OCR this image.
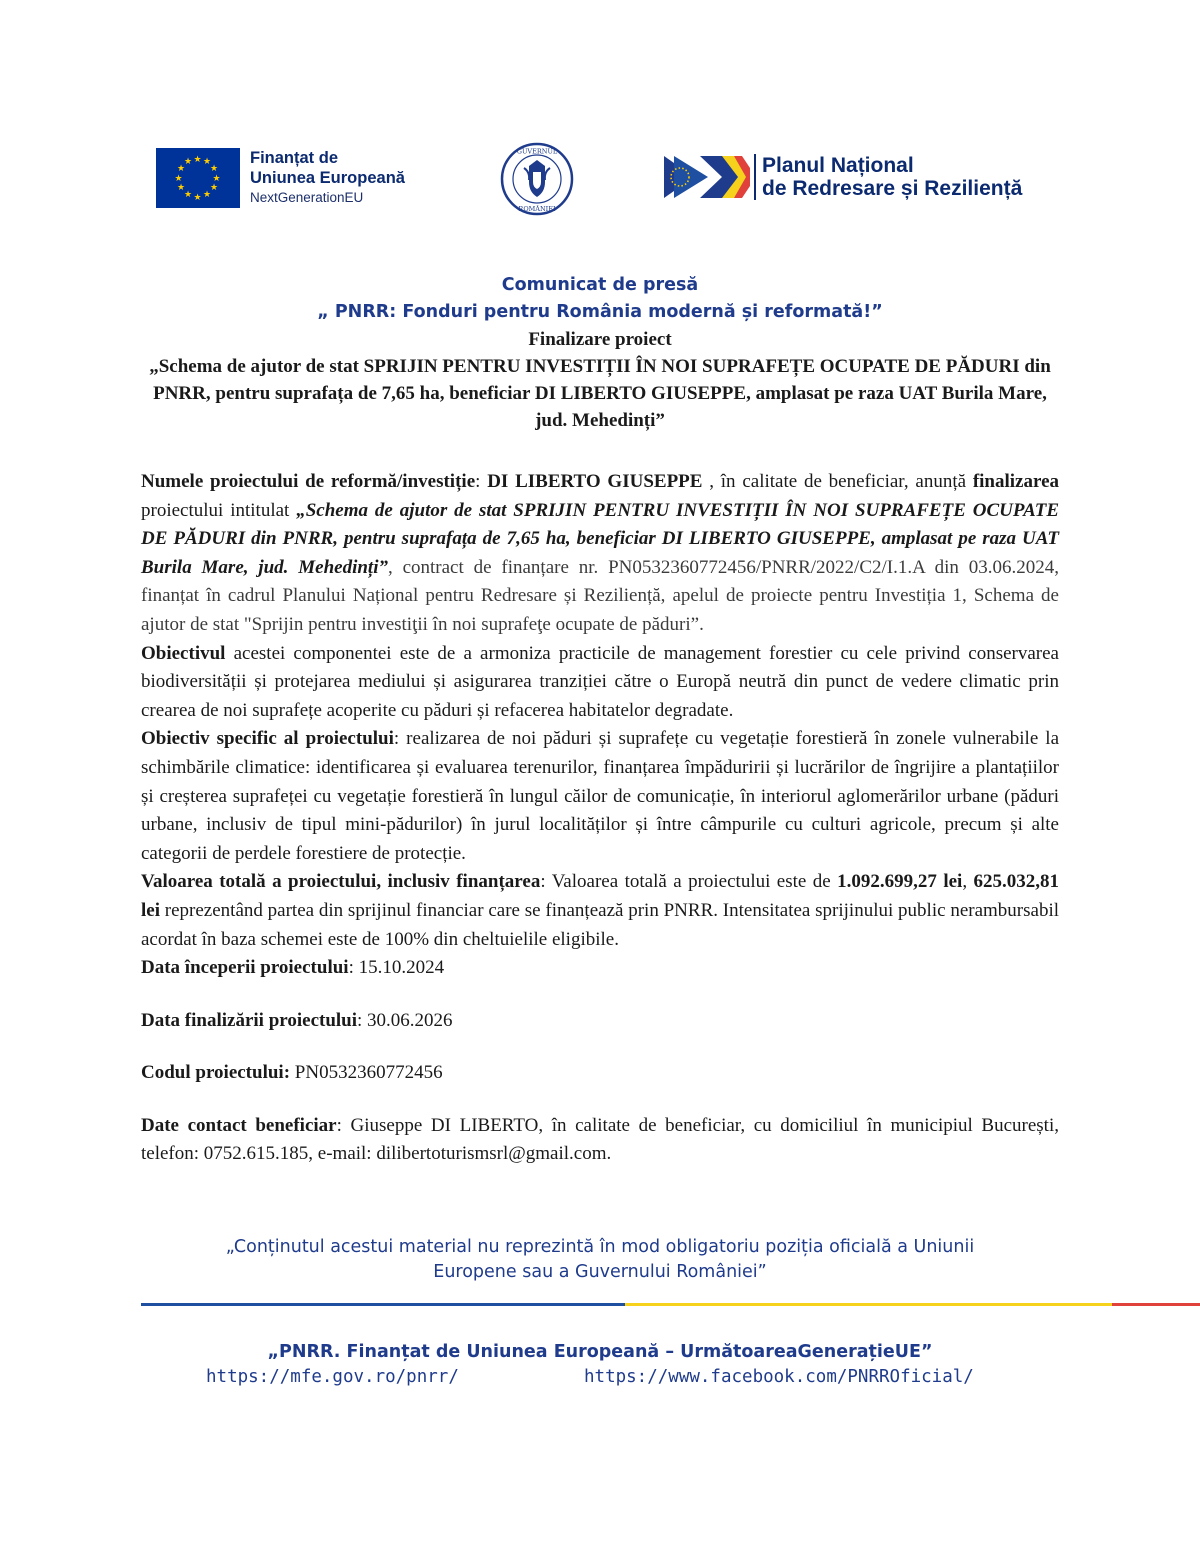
★ ★
★
★
★
★
★
★
★
★
★
★	Finanțat de
Uniunea Europeană
NextGenerationEU
GUVERNUL
ROMÂNIEI
Planul Național
de Redresare și Reziliență
Comunicat de presă
„ PNRR: Fonduri pentru România modernă și reformată!”
Finalizare proiect
„Schema de ajutor de stat SPRIJIN PENTRU INVESTIȚII ÎN NOI SUPRAFEȚE OCUPATE DE PĂDURI din PNRR, pentru suprafața de 7,65 ha, beneficiar DI LIBERTO GIUSEPPE, amplasat pe raza UAT Burila Mare, jud. Mehedinți”

Numele proiectului de reformă/investiție: DI LIBERTO GIUSEPPE , în calitate de beneficiar, anunță finalizarea proiectului intitulat „Schema de ajutor de stat SPRIJIN PENTRU INVESTIȚII ÎN NOI SUPRAFEȚE OCUPATE DE PĂDURI din PNRR, pentru suprafața de 7,65 ha, beneficiar DI LIBERTO GIUSEPPE, amplasat pe raza UAT Burila Mare, jud. Mehedinți”, contract de finanțare nr. PN0532360772456/PNRR/2022/C2/I.1.A din 03.06.2024, finanțat în cadrul Planului Național pentru Redresare și Reziliență, apelul de proiecte pentru Investiția 1, Schema de ajutor de stat "Sprijin pentru investiţii în noi suprafeţe ocupate de păduri”.

Obiectivul acestei componentei este de a armoniza practicile de management forestier cu cele privind conservarea biodiversității și protejarea mediului și asigurarea tranziției către o Europă neutră din punct de vedere climatic prin crearea de noi suprafețe acoperite cu păduri și refacerea habitatelor degradate.

Obiectiv specific al proiectului: realizarea de noi păduri și suprafețe cu vegetație forestieră în zonele vulnerabile la schimbările climatice: identificarea și evaluarea terenurilor, finanțarea împăduririi și lucrărilor de îngrijire a plantațiilor și creșterea suprafeței cu vegetație forestieră în lungul căilor de comunicație, în interiorul aglomerărilor urbane (păduri urbane, inclusiv de tipul mini-pădurilor) în jurul localităților și între câmpurile cu culturi agricole, precum și alte categorii de perdele forestiere de protecție.

Valoarea totală a proiectului, inclusiv finanțarea: Valoarea totală a proiectului este de 1.092.699,27 lei, 625.032,81 lei reprezentând partea din sprijinul financiar care se finanțează prin PNRR. Intensitatea sprijinului public nerambursabil acordat în baza schemei este de 100% din cheltuielile eligibile.

Data începerii proiectului: 15.10.2024

Data finalizării proiectului: 30.06.2026

Codul proiectului: PN0532360772456

Date contact beneficiar: Giuseppe DI LIBERTO, în calitate de beneficiar, cu domiciliul în municipiul București, telefon: 0752.615.185, e-mail: dilibertoturismsrl@gmail.com.

„Conținutul acestui material nu reprezintă în mod obligatoriu poziția oficială a Uniunii
Europene sau a Guvernului României”
„PNRR. Finanțat de Uniunea Europeană – UrmătoareaGenerațieUE”
https://mfe.gov.ro/pnrr/	https://www.facebook.com/PNRROficial/
